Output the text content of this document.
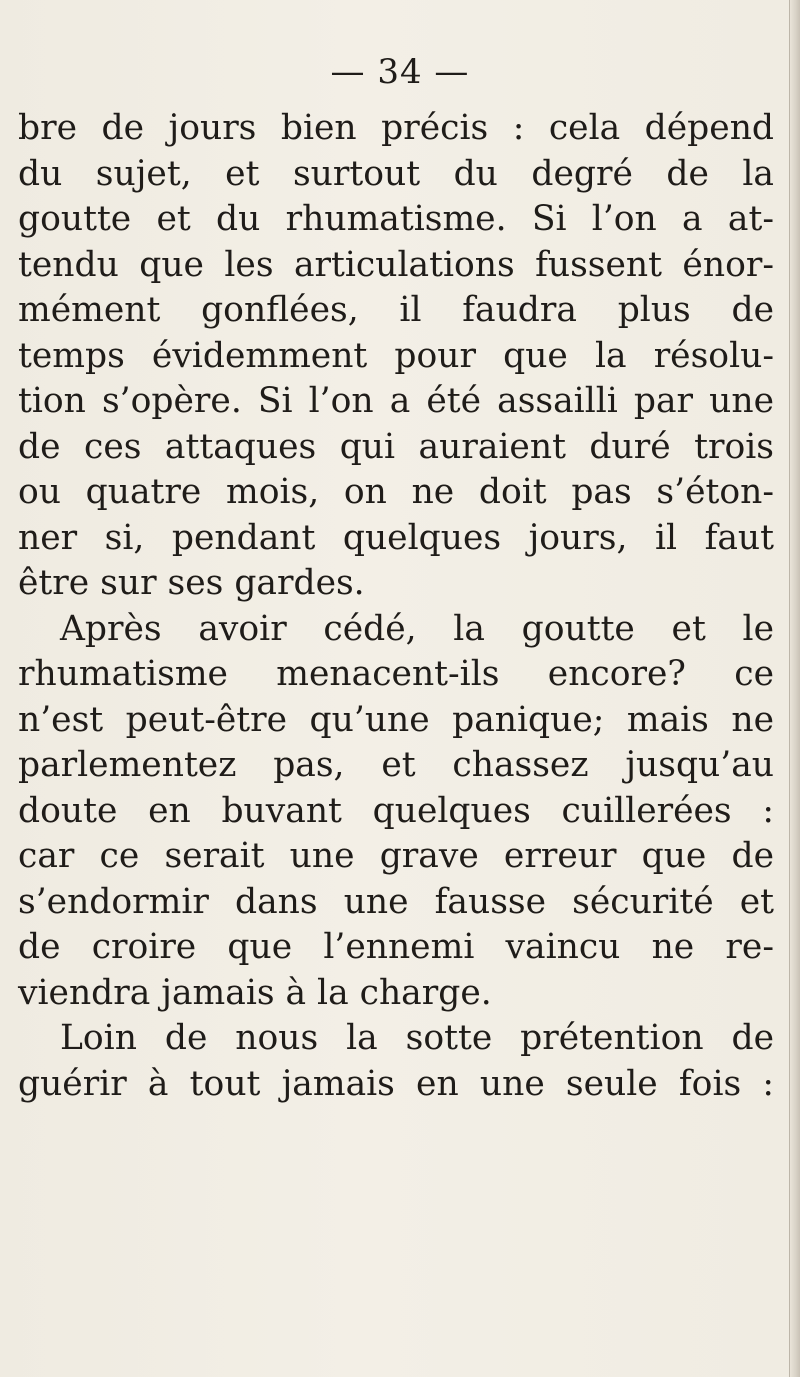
— 34 —
bre de jours bien précis : cela dépend
du sujet, et surtout du degré de la
goutte et du rhumatisme. Si l’on a at-
tendu que les articulations fussent énor-
mément gonflées, il faudra plus de
temps évidemment pour que la résolu-
tion s’opère. Si l’on a été assailli par une
de ces attaques qui auraient duré trois
ou quatre mois, on ne doit pas s’éton-
ner si, pendant quelques jours, il faut
être sur ses gardes.
Après avoir cédé, la goutte et le
rhumatisme menacent-ils encore? ce
n’est peut-être qu’une panique; mais ne
parlementez pas, et chassez jusqu’au
doute en buvant quelques cuillerées :
car ce serait une grave erreur que de
s’endormir dans une fausse sécurité et
de croire que l’ennemi vaincu ne re-
viendra jamais à la charge.
Loin de nous la sotte prétention de
guérir à tout jamais en une seule fois :
